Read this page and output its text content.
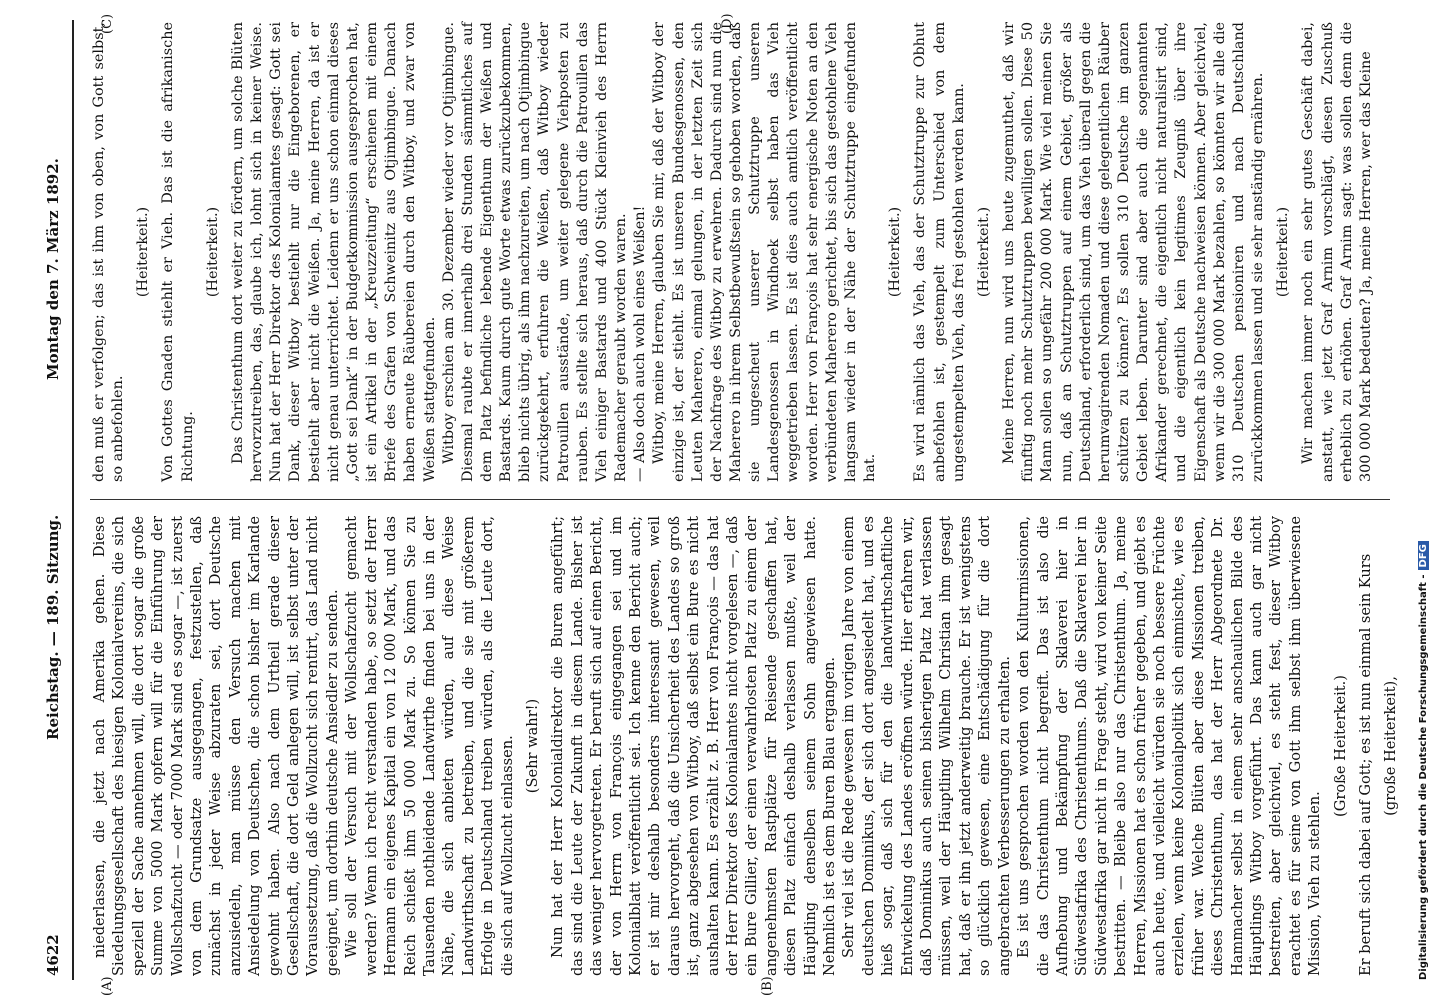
4622
Reichstag. — 189. Sitzung.
Montag den 7. März 1892.
(A)	(B)
(C)	(D)

niederlassen, die jetzt nach Amerika gehen. Diese Siedelungsgesellschaft des hiesigen Kolonialvereins, die sich speziell der Sache annehmen will, die dort sogar die große Summe von 5000 Mark opfern will für die Einführung der Wollschafzucht — oder 7000 Mark sind es sogar —, ist zuerst von dem Grundsatze ausgegangen, festzustellen, daß zunächst in jeder Weise abzuraten sei, dort Deutsche anzusiedeln, man müsse den Versuch machen mit Ansiedelung von Deutschen, die schon bisher im Karlande gewohnt haben. Also nach dem Urtheil gerade dieser Gesellschaft, die dort Geld anlegen will, ist selbst unter der Voraussetzung, daß die Wollzucht sich rentirt, das Land nicht geeignet, um dorthin deutsche Ansiedler zu senden. Wie soll der Versuch mit der Wollschafzucht gemacht werden? Wenn ich recht verstanden habe, so setzt der Herr Hermann ein eigenes Kapital ein von 12 000 Mark, und das Reich schießt ihm 50 000 Mark zu. So können Sie zu Tausenden nothleidende Landwirthe finden bei uns in der Nähe, die sich anbieten würden, auf diese Weise Landwirthschaft zu betreiben, und die sie mit größerem Erfolge in Deutschland treiben würden, als die Leute dort, die sich auf Wollzucht einlassen. (Sehr wahr!) Nun hat der Herr Kolonialdirektor die Buren angeführt; das sind die Leute der Zukunft in diesem Lande. Bisher ist das weniger hervorgetreten. Er beruft sich auf einen Bericht, der von Herrn von François eingegangen sei und im Kolonialblatt veröffentlicht sei. Ich kenne den Bericht auch; er ist mir deshalb besonders interessant gewesen, weil daraus hervorgeht, daß die Unsicherheit des Landes so groß ist, ganz abgesehen von Witboy, daß selbst ein Bure es nicht aushalten kann. Es erzählt z. B. Herr von François — das hat der Herr Direktor des Kolonialamtes nicht vorgelesen —, daß ein Bure Gillier, der einen verwahrlosten Platz zu einem der angenehmsten Rastplätze für Reisende geschaffen hat, diesen Platz einfach deshalb verlassen mußte, weil der Häuptling denselben seinem Sohn angewiesen hatte. Nehmlich ist es dem Buren Blau ergangen. Sehr viel ist die Rede gewesen im vorigen Jahre von einem deutschen Dominikus, der sich dort angesiedelt hat, und es hieß sogar, daß sich für den die landwirthschaftliche Entwickelung des Landes eröffnen würde. Hier erfahren wir, daß Dominikus auch seinen bisherigen Platz hat verlassen müssen, weil der Häuptling Wilhelm Christian ihm gesagt hat, daß er ihn jetzt anderweitig brauche. Er ist wenigstens so glücklich gewesen, eine Entschädigung für die dort angebrachten Verbesserungen zu erhalten. Es ist uns gesprochen worden von den Kulturmissionen, die das Christenthum nicht begreift. Das ist also die Aufhebung und Bekämpfung der Sklaverei hier in Südwestafrika des Christenthums. Daß die Sklaverei hier in Südwestafrika gar nicht in Frage steht, wird von keiner Seite bestritten. — Bleibe also nur das Christenthum. Ja, meine Herren, Missionen hat es schon früher gegeben, und giebt es auch heute, und vielleicht würden sie noch bessere Früchte erzielen, wenn keine Kolonialpolitik sich einmischte, wie es früher war. Welche Blüten aber diese Missionen treiben, dieses Christenthum, das hat der Herr Abgeordnete Dr. Hammacher selbst in einem sehr anschaulichen Bilde des Häuptlings Witboy vorgeführt. Das kann auch gar nicht bestreiten, aber gleichviel, es steht fest, dieser Witboy erachtet es für seine von Gott ihm selbst ihm überwiesene Mission, Vieh zu stehlen.

(Große Heiterkeit.) Er beruft sich dabei auf Gott; es ist nun einmal sein Kurs (große Heiterkeit),

den muß er verfolgen; das ist ihm von oben, von Gott selbst, so anbefohlen.

(Heiterkeit.) Von Gottes Gnaden stiehlt er Vieh. Das ist die afrikanische Richtung.

(Heiterkeit.) Das Christenthum dort weiter zu fördern, um solche Blüten hervorzutreiben, das, glaube ich, lohnt sich in keiner Weise. Nun hat der Herr Direktor des Kolonialamtes gesagt: Gott sei Dank, dieser Witboy bestiehlt nur die Eingeborenen, er bestiehlt aber nicht die Weißen. Ja, meine Herren, da ist er nicht genau unterrichtet. Leidenn er uns schon einmal dieses „Gott sei Dank“ in der Budgetkommission ausgesprochen hat, ist ein Artikel in der „Kreuzzeitung“ erschienen mit einem Briefe des Grafen von Schweinitz aus Otjimbingue. Danach haben erneute Räubereien durch den Witboy, und zwar von Weißen stattgefunden. Witboy erschien am 30. Dezember wieder vor Otjimbingue. Diesmal raubte er innerhalb drei Stunden sämmtliches auf dem Platz befindliche lebende Eigenthum der Weißen und Bastards. Kaum durch gute Worte etwas zurückzubekommen, blieb nichts übrig, als ihm nachzureiten, um nach Otjimbingue zurückgekehrt, erfuhren die Weißen, daß Witboy wieder Patrouillen ausstände, um weiter gelegene Viehposten zu rauben. Es stellte sich heraus, daß durch die Patrouillen das Vieh einiger Bastards und 400 Stück Kleinvieh des Herrn Rademacher geraubt worden waren. — Also doch auch wohl eines Weißen! Witboy, meine Herren, glauben Sie mir, daß der Witboy der einzige ist, der stiehlt. Es ist unseren Bundesgenossen, den Leuten Maherero, einmal gelungen, in der letzten Zeit sich der Nachfrage des Witboy zu erwehren. Dadurch sind nun die Maherero in ihrem Selbstbewußtsein so gehoben worden, daß sie ungescheut unserer Schutztruppe unseren Landesgenossen in Windhoek selbst haben das Vieh weggetrieben lassen. Es ist dies auch amtlich veröffentlicht worden. Herr von François hat sehr energische Noten an den verbündeten Maherero gerichtet, bis sich das gestohlene Vieh langsam wieder in der Nähe der Schutztruppe eingefunden hat.

(Heiterkeit.) Es wird nämlich das Vieh, das der Schutztruppe zur Obhut anbefohlen ist, gestempelt zum Unterschied von dem ungestempelten Vieh, das frei gestohlen werden kann. (Heiterkeit.) Meine Herren, nun wird uns heute zugemuthet, daß wir fünftig noch mehr Schutztruppen bewilligen sollen. Diese 50 Mann sollen so ungefähr 200 000 Mark. Wie viel meinen Sie nun, daß an Schutztruppen auf einem Gebiet, größer als Deutschland, erforderlich sind, um das Vieh überall gegen die herumvagirenden Nomaden und diese gelegentlichen Räuber schützen zu können? Es sollen 310 Deutsche im ganzen Gebiet leben. Darunter sind aber auch die sogenannten Afrikander gerechnet, die eigentlich nicht naturalisirt sind, und die eigentlich kein legitimes Zeugniß über ihre Eigenschaft als Deutsche nachweisen können. Aber gleichviel, wenn wir die 300 000 Mark bezahlen, so könnten wir alle die 310 Deutschen pensioniren und nach Deutschland zurückkommen lassen und sie sehr anständig ernähren. (Heiterkeit.) Wir machen immer noch ein sehr gutes Geschäft dabei, anstatt, wie jetzt Graf Arnim vorschlägt, diesen Zuschuß erheblich zu erhöhen. Graf Arnim sagt: was sollen denn die 300 000 Mark bedeuten? Ja, meine Herren, wer das Kleine

Digitalisierung gefördert durch die Deutsche Forschungsgemeinschaft -DFG
